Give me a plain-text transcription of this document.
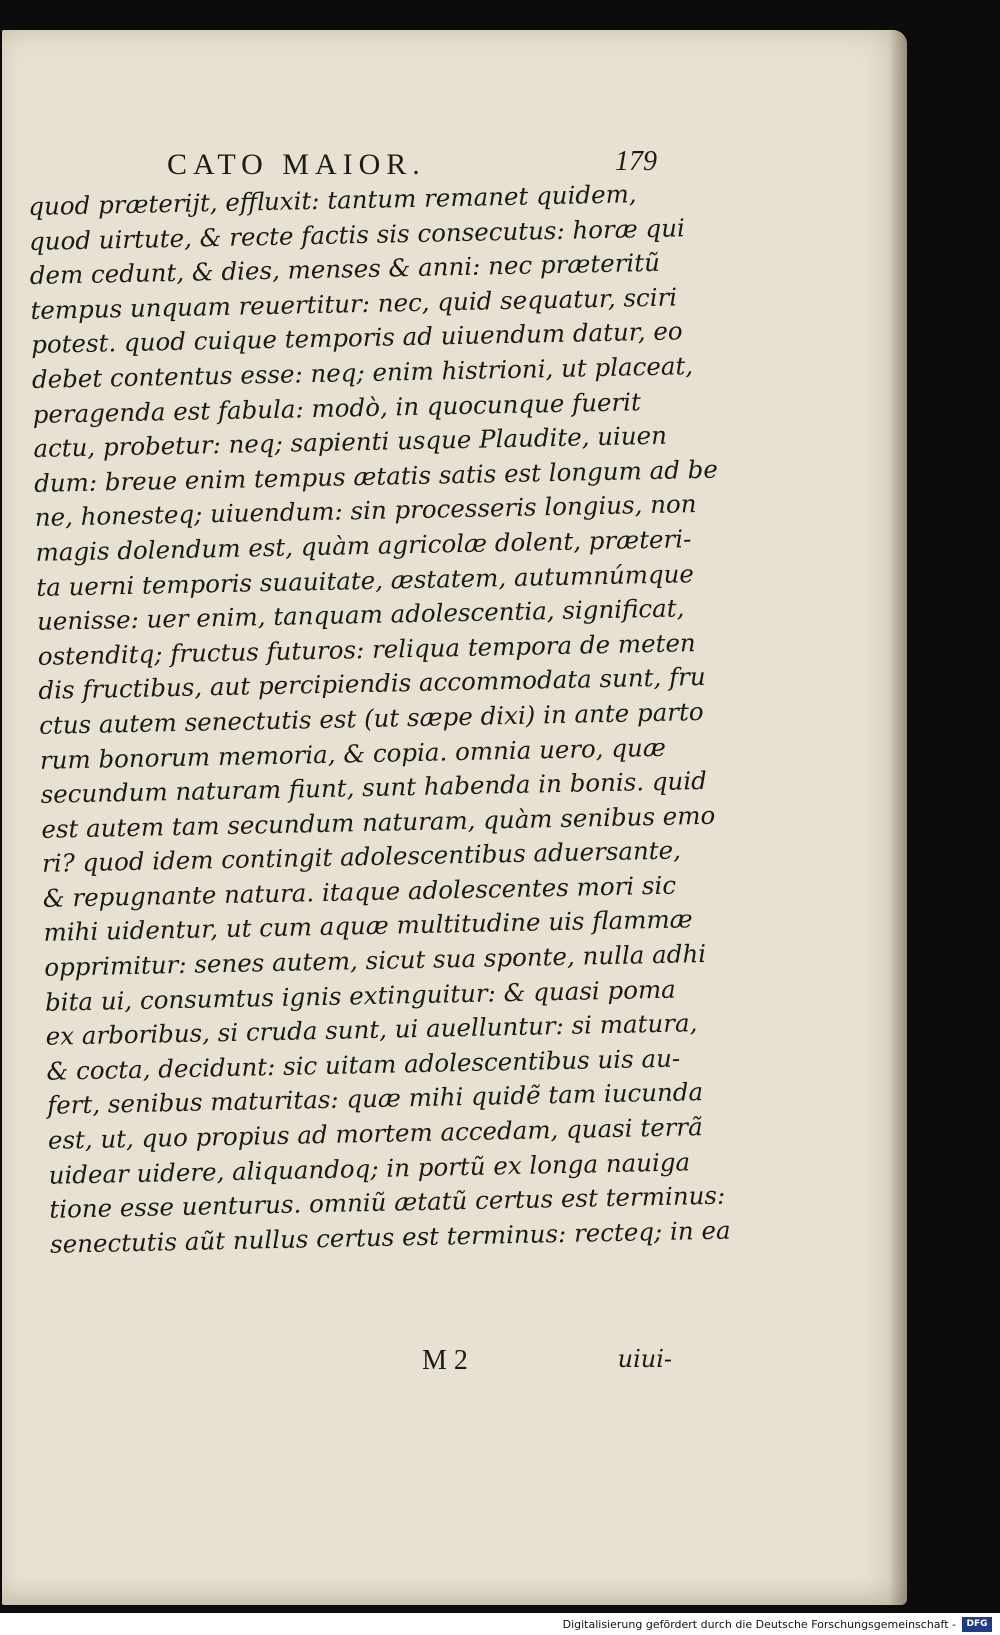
CATO MAIOR.	179
quod præterijt, effluxit: tantum remanet quidem,
quod uirtute, & recte factis sis consecutus: horæ qui
dem cedunt, & dies, menses & anni: nec præteritũ
tempus unquam reuertitur: nec, quid sequatur, sciri
potest. quod cuique temporis ad uiuendum datur, eo
debet contentus esse: neq; enim histrioni, ut placeat,
peragenda est fabula: modò, in quocunque fuerit
actu, probetur: neq; sapienti usque Plaudite, uiuen
dum: breue enim tempus ætatis satis est longum ad be
ne, honesteq; uiuendum: sin processeris longius, non
magis dolendum est, quàm agricolæ dolent, præteri-
ta uerni temporis suauitate, æstatem, autumnúmque
uenisse: uer enim, tanquam adolescentia, significat,
ostenditq; fructus futuros: reliqua tempora de meten
dis fructibus, aut percipiendis accommodata sunt, fru
ctus autem senectutis est (ut sæpe dixi) in ante parto
rum bonorum memoria, & copia. omnia uero, quæ
secundum naturam fiunt, sunt habenda in bonis. quid
est autem tam secundum naturam, quàm senibus emo
ri? quod idem contingit adolescentibus aduersante,
& repugnante natura. itaque adolescentes mori sic
mihi uidentur, ut cum aquæ multitudine uis flammæ
opprimitur: senes autem, sicut sua sponte, nulla adhi
bita ui, consumtus ignis extinguitur: & quasi poma
ex arboribus, si cruda sunt, ui auelluntur: si matura,
& cocta, decidunt: sic uitam adolescentibus uis au-
fert, senibus maturitas: quæ mihi quidẽ tam iucunda
est, ut, quo propius ad mortem accedam, quasi terrã
uidear uidere, aliquandoq; in portũ ex longa nauiga
tione esse uenturus. omniũ ætatũ certus est terminus:
senectutis aũt nullus certus est terminus: recteq; in ea
M 2	uiui-
Digitalisierung gefördert durch die Deutsche Forschungsgemeinschaft -	DFG
